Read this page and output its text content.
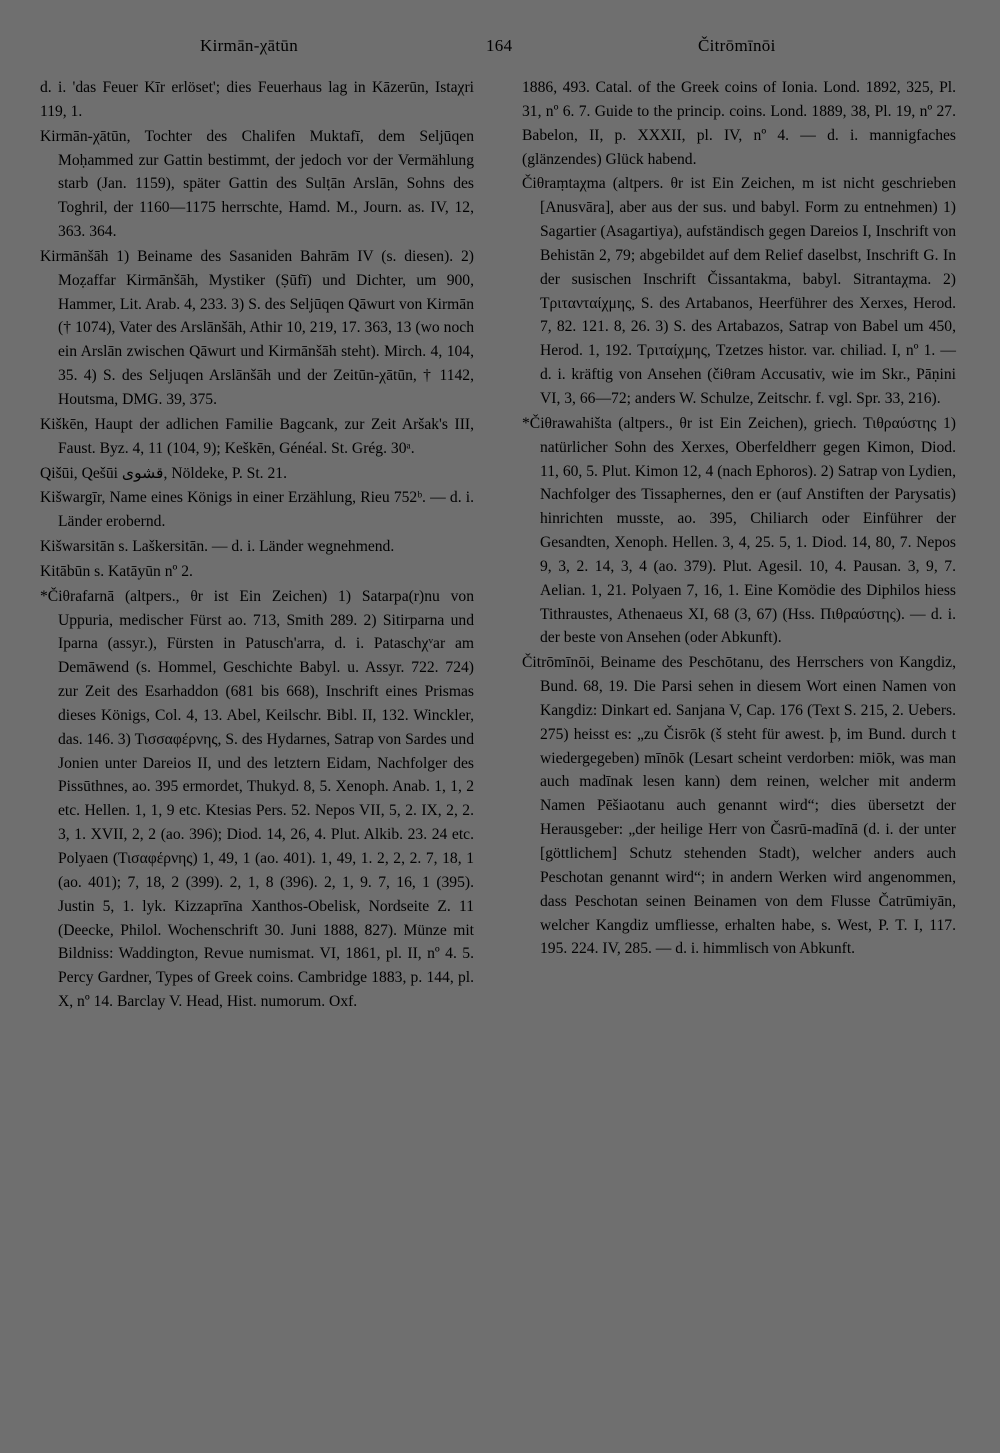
Kirmān-χātūn	164	Čitrōmīnōi

d. i. 'das Feuer Kīr erlöset'; dies Feuerhaus lag in Kāzerūn, Istaχri 119, 1.

Kirmān-χātūn, Tochter des Chalifen Muktafī, dem Seljūqen Moḥammed zur Gattin bestimmt, der jedoch vor der Vermählung starb (Jan. 1159), später Gattin des Sulṭān Arslān, Sohns des Toghril, der 1160—1175 herrschte, Hamd. M., Journ. as. IV, 12, 363. 364.

Kirmānšāh 1) Beiname des Sasaniden Bahrām IV (s. diesen). 2) Moẓaffar Kirmānšāh, Mystiker (Ṣūfī) und Dichter, um 900, Hammer, Lit. Arab. 4, 233. 3) S. des Seljūqen Qāwurt von Kirmān († 1074), Vater des Arslānšāh, Athir 10, 219, 17. 363, 13 (wo noch ein Arslān zwischen Qāwurt und Kirmānšāh steht). Mirch. 4, 104, 35. 4) S. des Seljuqen Arslānšāh und der Zeitūn-χātūn, † 1142, Houtsma, DMG. 39, 375.

Kiškēn, Haupt der adlichen Familie Bagcank, zur Zeit Aršak's III, Faust. Byz. 4, 11 (104, 9); Keškēn, Généal. St. Grég. 30ᵃ.

Qišūi, Qešūi قشوى, Nöldeke, P. St. 21.

Kišwargīr, Name eines Königs in einer Erzählung, Rieu 752ᵇ. — d. i. Länder erobernd.

Kišwarsitān s. Laškersitān. — d. i. Länder wegnehmend.

Kitābūn s. Katāyūn nº 2.

*Čiθrafarnā (altpers., θr ist Ein Zeichen) 1) Satarpa(r)nu von Uppuria, medischer Fürst ao. 713, Smith 289. 2) Sitirparna und Iparna (assyr.), Fürsten in Patusch'arra, d. i. Pataschχᵛar am Demāwend (s. Hommel, Geschichte Babyl. u. Assyr. 722. 724) zur Zeit des Esarhaddon (681 bis 668), Inschrift eines Prismas dieses Königs, Col. 4, 13. Abel, Keilschr. Bibl. II, 132. Winckler, das. 146. 3) Τισσαφέρνης, S. des Hydarnes, Satrap von Sardes und Jonien unter Dareios II, und des letztern Eidam, Nachfolger des Pissūthnes, ao. 395 ermordet, Thukyd. 8, 5. Xenoph. Anab. 1, 1, 2 etc. Hellen. 1, 1, 9 etc. Ktesias Pers. 52. Nepos VII, 5, 2. IX, 2, 2. 3, 1. XVII, 2, 2 (ao. 396); Diod. 14, 26, 4. Plut. Alkib. 23. 24 etc. Polyaen (Τισαφέρνης) 1, 49, 1 (ao. 401). 1, 49, 1. 2, 2, 2. 7, 18, 1 (ao. 401); 7, 18, 2 (399). 2, 1, 8 (396). 2, 1, 9. 7, 16, 1 (395). Justin 5, 1. lyk. Kizzaprīna Xanthos-Obelisk, Nordseite Z. 11 (Deecke, Philol. Wochenschrift 30. Juni 1888, 827). Münze mit Bildniss: Waddington, Revue numismat. VI, 1861, pl. II, nº 4. 5. Percy Gardner, Types of Greek coins. Cambridge 1883, p. 144, pl. X, nº 14. Barclay V. Head, Hist. numorum. Oxf.

1886, 493. Catal. of the Greek coins of Ionia. Lond. 1892, 325, Pl. 31, nº 6. 7. Guide to the princip. coins. Lond. 1889, 38, Pl. 19, nº 27. Babelon, II, p. XXXII, pl. IV, nº 4. — d. i. mannigfaches (glänzendes) Glück habend.

Čiθraṃtaχma (altpers. θr ist Ein Zeichen, m ist nicht geschrieben [Anusvāra], aber aus der sus. und babyl. Form zu entnehmen) 1) Sagartier (Asagartiya), aufständisch gegen Dareios I, Inschrift von Behistān 2, 79; abgebildet auf dem Relief daselbst, Inschrift G. In der susischen Inschrift Čissantakma, babyl. Sitrantaχma. 2) Τριτανταίχμης, S. des Artabanos, Heerführer des Xerxes, Herod. 7, 82. 121. 8, 26. 3) S. des Artabazos, Satrap von Babel um 450, Herod. 1, 192. Τριταίχμης, Tzetzes histor. var. chiliad. I, nº 1. — d. i. kräftig von Ansehen (čiθram Accusativ, wie im Skr., Pāṇini VI, 3, 66—72; anders W. Schulze, Zeitschr. f. vgl. Spr. 33, 216).

*Čiθrawahišta (altpers., θr ist Ein Zeichen), griech. Τιθραύστης 1) natürlicher Sohn des Xerxes, Oberfeldherr gegen Kimon, Diod. 11, 60, 5. Plut. Kimon 12, 4 (nach Ephoros). 2) Satrap von Lydien, Nachfolger des Tissaphernes, den er (auf Anstiften der Parysatis) hinrichten musste, ao. 395, Chiliarch oder Einführer der Gesandten, Xenoph. Hellen. 3, 4, 25. 5, 1. Diod. 14, 80, 7. Nepos 9, 3, 2. 14, 3, 4 (ao. 379). Plut. Agesil. 10, 4. Pausan. 3, 9, 7. Aelian. 1, 21. Polyaen 7, 16, 1. Eine Komödie des Diphilos hiess Tithraustes, Athenaeus XI, 68 (3, 67) (Hss. Πιθραύστης). — d. i. der beste von Ansehen (oder Abkunft).

Čitrōmīnōi, Beiname des Peschōtanu, des Herrschers von Kangdiz, Bund. 68, 19. Die Parsi sehen in diesem Wort einen Namen von Kangdiz: Dinkart ed. Sanjana V, Cap. 176 (Text S. 215, 2. Uebers. 275) heisst es: „zu Čisrōk (š steht für awest. þ, im Bund. durch t wiedergegeben) mīnōk (Lesart scheint verdorben: miōk, was man auch madīnak lesen kann) dem reinen, welcher mit anderm Namen Pēšiaotanu auch genannt wird“; dies übersetzt der Herausgeber: „der heilige Herr von Časrū-madīnā (d. i. der unter [göttlichem] Schutz stehenden Stadt), welcher anders auch Peschotan genannt wird“; in andern Werken wird angenommen, dass Peschotan seinen Beinamen von dem Flusse Čatrūmiyān, welcher Kangdiz umfliesse, erhalten habe, s. West, P. T. I, 117. 195. 224. IV, 285. — d. i. himmlisch von Abkunft.
